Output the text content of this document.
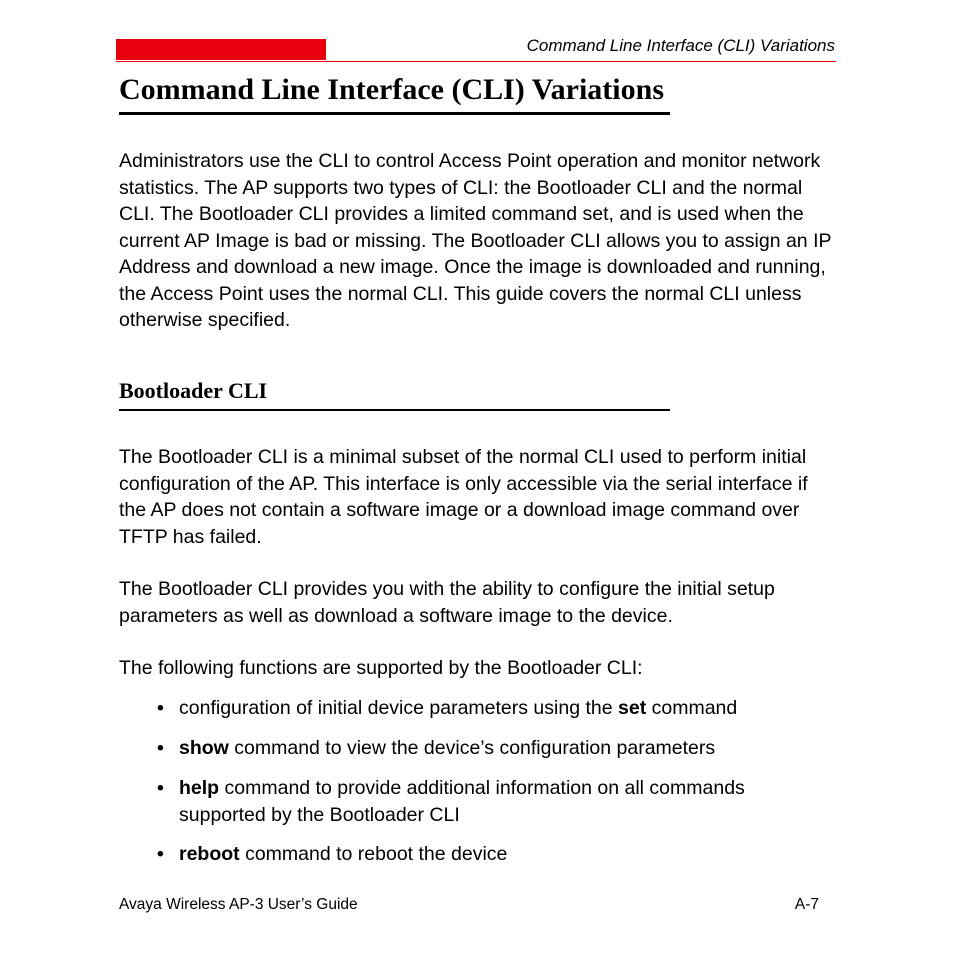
Command Line Interface (CLI) Variations
Command Line Interface (CLI) Variations

Administrators use the CLI to control Access Point operation and monitor network statistics. The AP supports two types of CLI: the Bootloader CLI and the normal CLI. The Bootloader CLI provides a limited command set, and is used when the current AP Image is bad or missing. The Bootloader CLI allows you to assign an IP Address and download a new image. Once the image is downloaded and running, the Access Point uses the normal CLI. This guide covers the normal CLI unless otherwise specified.

Bootloader CLI

The Bootloader CLI is a minimal subset of the normal CLI used to perform initial configuration of the AP. This interface is only accessible via the serial interface if the AP does not contain a software image or a download image command over TFTP has failed.

The Bootloader CLI provides you with the ability to configure the initial setup parameters as well as download a software image to the device.

The following functions are supported by the Bootloader CLI:

• configuration of initial device parameters using the set command
• show command to view the device’s configuration parameters
• help command to provide additional information on all commands supported by the Bootloader CLI
• reboot command to reboot the device
Avaya Wireless AP-3 User’s Guide	A-7
